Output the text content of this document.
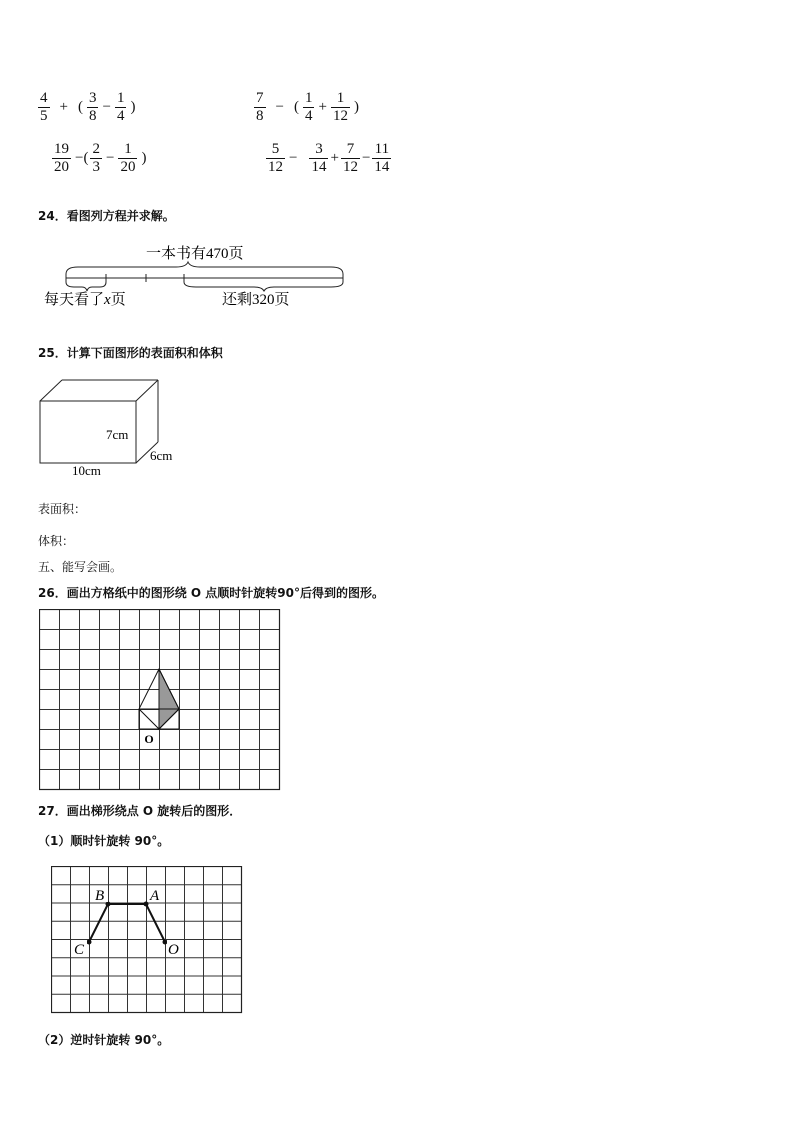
$\frac{4}{5}$ + ( $\frac{3}{8} - \frac{1}{4}$ )	$\frac{7}{8}$ − ( $\frac{1}{4} + \frac{1}{12}$ )
$\frac{19}{20}$ − ( $\frac{2}{3} - \frac{1}{20}$ )	$\frac{5}{12} - \frac{3}{14} + \frac{7}{12} - \frac{11}{14}$
24．看图列方程并求解。
一本书有470页
每天看了x页	还剩320页
25．计算下面图形的表面积和体积
7cm
6cm
10cm
表面积：
体积：
五、能写会画。
26．画出方格纸中的图形绕 O 点顺时针旋转90°后得到的图形。
O
27．画出梯形绕点 O 旋转后的图形．
（1）顺时针旋转 90°。
B	A
C	O
（2）逆时针旋转 90°。
